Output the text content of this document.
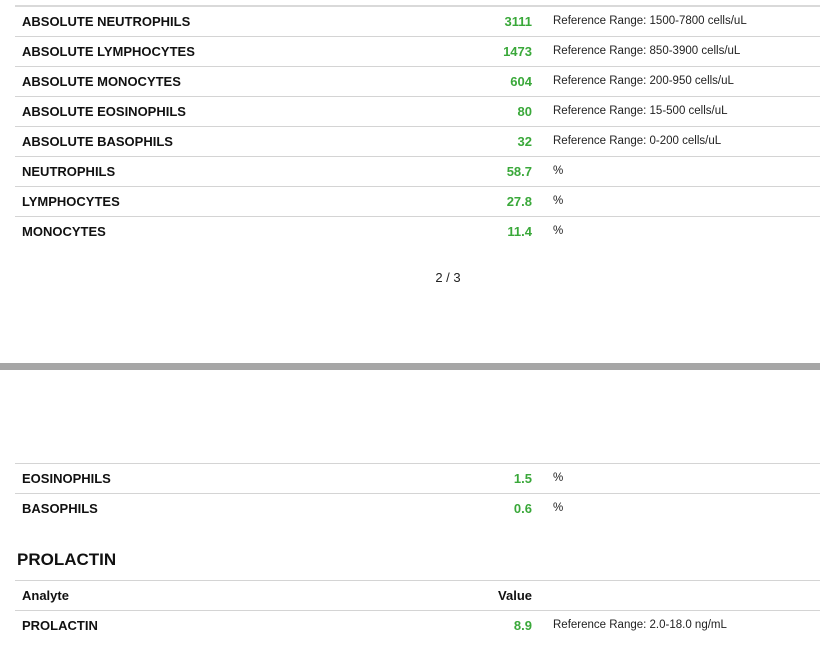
ABSOLUTE NEUTROPHILS	3111 Reference Range: 1500-7800 cells/uL
ABSOLUTE LYMPHOCYTES	1473 Reference Range: 850-3900 cells/uL
ABSOLUTE MONOCYTES	604 Reference Range: 200-950 cells/uL
ABSOLUTE EOSINOPHILS	80 Reference Range: 15-500 cells/uL
ABSOLUTE BASOPHILS	32 Reference Range: 0-200 cells/uL
NEUTROPHILS	58.7 %
LYMPHOCYTES	27.8 %
MONOCYTES	11.4 %
2 / 3
EOSINOPHILS	1.5 %
BASOPHILS	0.6 %
PROLACTIN
Analyte	Value
PROLACTIN	8.9 Reference Range: 2.0-18.0 ng/mL
